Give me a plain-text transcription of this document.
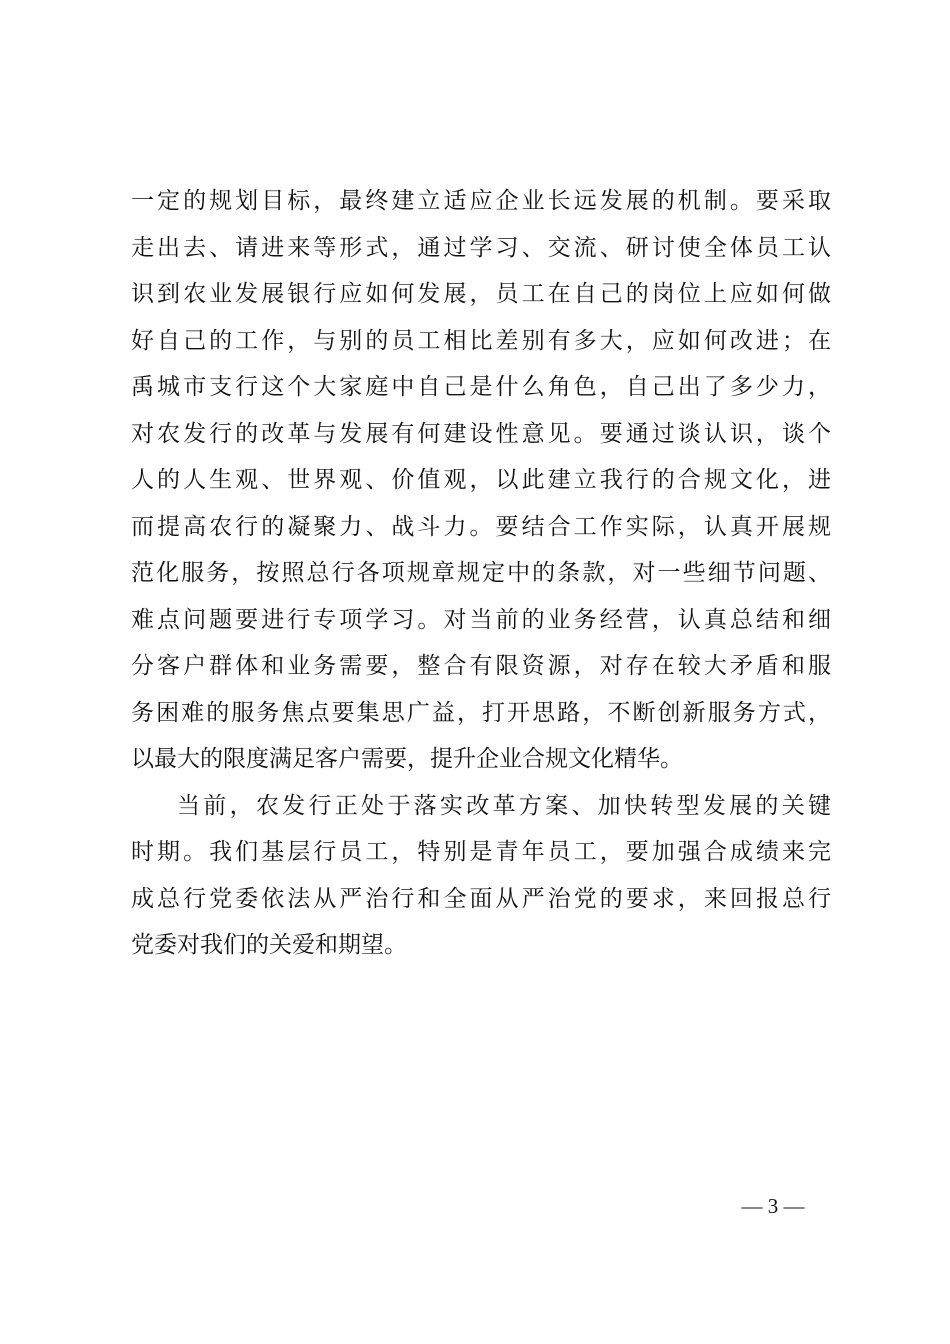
一定的规划目标，最终建立适应企业长远发展的机制。要采取
走出去、请进来等形式，通过学习、交流、研讨使全体员工认
识到农业发展银行应如何发展，员工在自己的岗位上应如何做
好自己的工作，与别的员工相比差别有多大，应如何改进；在
禹城市支行这个大家庭中自己是什么角色，自己出了多少力，
对农发行的改革与发展有何建设性意见。要通过谈认识，谈个
人的人生观、世界观、价值观，以此建立我行的合规文化，进
而提高农行的凝聚力、战斗力。要结合工作实际，认真开展规
范化服务，按照总行各项规章规定中的条款，对一些细节问题、
难点问题要进行专项学习。对当前的业务经营，认真总结和细
分客户群体和业务需要，整合有限资源，对存在较大矛盾和服
务困难的服务焦点要集思广益，打开思路，不断创新服务方式，
以最大的限度满足客户需要，提升企业合规文化精华。
当前，农发行正处于落实改革方案、加快转型发展的关键
时期。我们基层行员工，特别是青年员工，要加强合成绩来完
成总行党委依法从严治行和全面从严治党的要求，来回报总行
党委对我们的关爱和期望。
— 3 —
